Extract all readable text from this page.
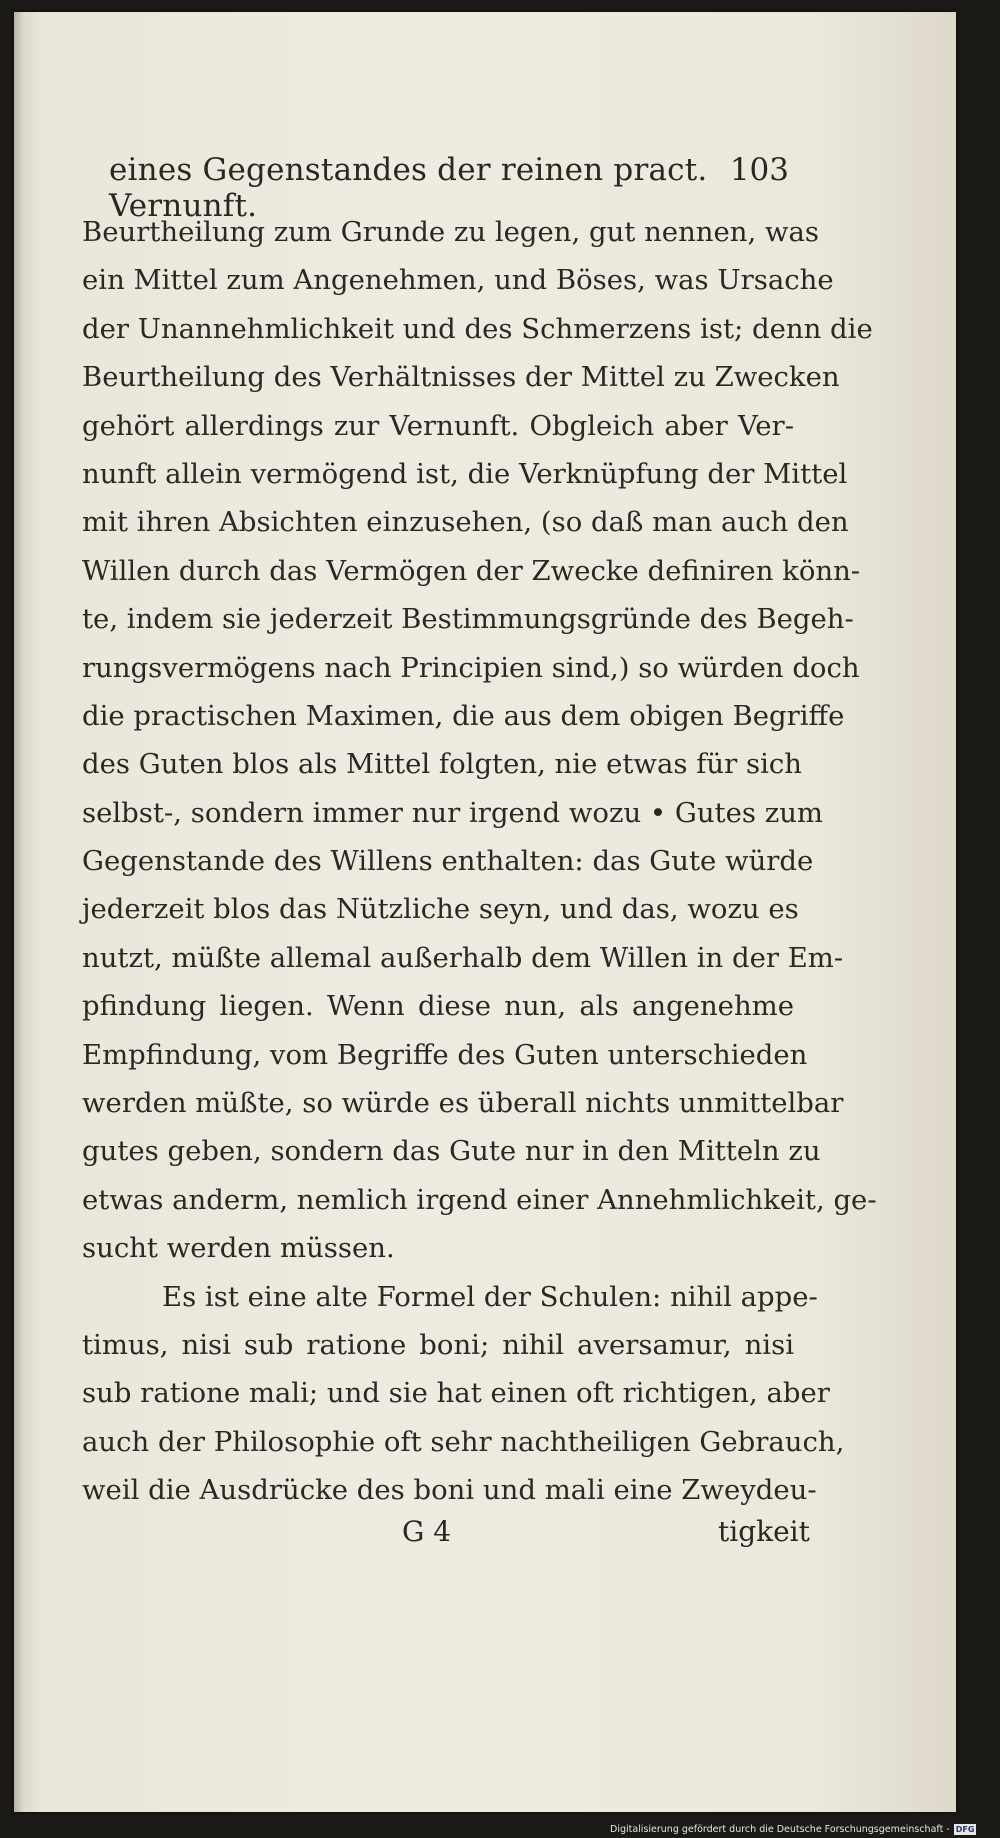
eines Gegenstandes der reinen pract. Vernunft.
103
Beurtheilung zum Grunde zu legen, gut nennen, was
ein Mittel zum Angenehmen, und Böses, was Ursache
der Unannehmlichkeit und des Schmerzens ist; denn die
Beurtheilung des Verhältnisses der Mittel zu Zwecken
gehört allerdings zur Vernunft. Obgleich aber Ver-
nunft allein vermögend ist, die Verknüpfung der Mittel
mit ihren Absichten einzusehen, (so daß man auch den
Willen durch das Vermögen der Zwecke definiren könn-
te, indem sie jederzeit Bestimmungsgründe des Begeh-
rungsvermögens nach Principien sind,) so würden doch
die practischen Maximen, die aus dem obigen Begriffe
des Guten blos als Mittel folgten, nie etwas für sich
selbst-, sondern immer nur irgend wozu • Gutes zum
Gegenstande des Willens enthalten: das Gute würde
jederzeit blos das Nützliche seyn, und das, wozu es
nutzt, müßte allemal außerhalb dem Willen in der Em-
pfindung liegen. Wenn diese nun, als angenehme
Empfindung, vom Begriffe des Guten unterschieden
werden müßte, so würde es überall nichts unmittelbar
gutes geben, sondern das Gute nur in den Mitteln zu
etwas anderm, nemlich irgend einer Annehmlichkeit, ge-
sucht werden müssen.
Es ist eine alte Formel der Schulen: nihil appe-
timus, nisi sub ratione boni; nihil aversamur, nisi
sub ratione mali; und sie hat einen oft richtigen, aber
auch der Philosophie oft sehr nachtheiligen Gebrauch,
weil die Ausdrücke des boni und mali eine Zweydeu-
G 4	tigkeit
Digitalisierung gefördert durch die Deutsche Forschungsgemeinschaft - DFG
